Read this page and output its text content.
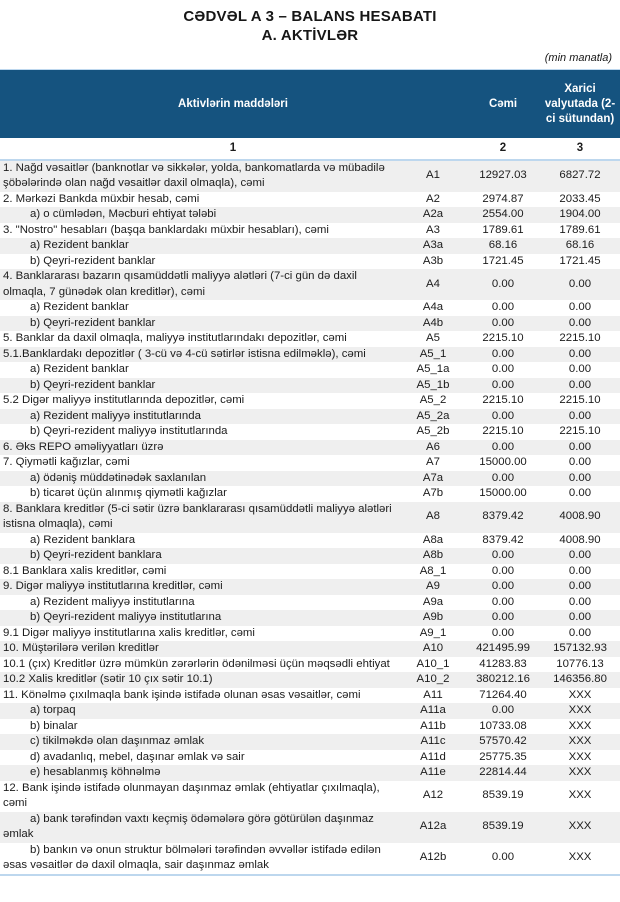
CƏDVƏL A 3 – BALANS HESABATI
A. AKTİVLƏR
(min manatla)
Aktivlərin maddələri		Cəmi	Xarici valyutada (2-ci sütundan)
1		2	3
1. Nağd vəsaitlər (banknotlar və sikkələr, yolda, bankomatlarda və mübadilə şöbələrində olan nağd vəsaitlər daxil olmaqla), cəmi	A1	12927.03	6827.72
2. Mərkəzi Bankda müxbir hesab, cəmi	A2	2974.87	2033.45
a) o cümlədən, Məcburi ehtiyat tələbi	A2a	2554.00	1904.00
3. "Nostro" hesabları (başqa banklardakı müxbir hesabları), cəmi	A3	1789.61	1789.61
a) Rezident banklar	A3a	68.16	68.16
b) Qeyri-rezident banklar	A3b	1721.45	1721.45
4. Banklararası bazarın qısamüddətli maliyyə alətləri (7-ci gün də daxil olmaqla, 7 günədək olan kreditlər), cəmi	A4	0.00	0.00
a) Rezident banklar	A4a	0.00	0.00
b) Qeyri-rezident banklar	A4b	0.00	0.00
5. Banklar da daxil olmaqla, maliyyə institutlarındakı depozitlər, cəmi	A5	2215.10	2215.10
5.1.Banklardakı depozitlər ( 3-cü və 4-cü sətirlər istisna edilməklə), cəmi	A5_1	0.00	0.00
a) Rezident banklar	A5_1a	0.00	0.00
b) Qeyri-rezident banklar	A5_1b	0.00	0.00
5.2 Digər maliyyə institutlarında depozitlər, cəmi	A5_2	2215.10	2215.10
a) Rezident maliyyə institutlarında	A5_2a	0.00	0.00
b) Qeyri-rezident maliyyə institutlarında	A5_2b	2215.10	2215.10
6. Əks REPO əməliyyatları üzrə	A6	0.00	0.00
7. Qiymətli kağızlar, cəmi	A7	15000.00	0.00
a) ödəniş müddətinədək saxlanılan	A7a	0.00	0.00
b) ticarət üçün alınmış qiymətli kağızlar	A7b	15000.00	0.00
8. Banklara kreditlər (5-ci sətir üzrə banklararası qısamüddətli maliyyə alətləri istisna olmaqla), cəmi	A8	8379.42	4008.90
a) Rezident banklara	A8a	8379.42	4008.90
b) Qeyri-rezident banklara	A8b	0.00	0.00
8.1 Banklara xalis kreditlər, cəmi	A8_1	0.00	0.00
9. Digər maliyyə institutlarına kreditlər, cəmi	A9	0.00	0.00
a) Rezident maliyyə institutlarına	A9a	0.00	0.00
b) Qeyri-rezident maliyyə institutlarına	A9b	0.00	0.00
9.1 Digər maliyyə institutlarına xalis kreditlər, cəmi	A9_1	0.00	0.00
10. Müştərilərə verilən kreditlər	A10	421495.99	157132.93
10.1 (çıx) Kreditlər üzrə mümkün zərərlərin ödənilməsi üçün məqsədli ehtiyat	A10_1	41283.83	10776.13
10.2 Xalis kreditlər (sətir 10 çıx sətir 10.1)	A10_2	380212.16	146356.80
11. Könəlmə çıxılmaqla bank işində istifadə olunan əsas vəsaitlər, cəmi	A11	71264.40	XXX
a) torpaq	A11a	0.00	XXX
b) binalar	A11b	10733.08	XXX
c) tikilməkdə olan daşınmaz əmlak	A11c	57570.42	XXX
d) avadanlıq, mebel, daşınar əmlak və sair	A11d	25775.35	XXX
e) hesablanmış köhnəlmə	A11e	22814.44	XXX
12. Bank işində istifadə olunmayan daşınmaz əmlak (ehtiyatlar çıxılmaqla), cəmi	A12	8539.19	XXX
a) bank tərəfindən vaxtı keçmiş ödəmələrə görə götürülən daşınmaz əmlak	A12a	8539.19	XXX
b) bankın və onun struktur bölmələri tərəfindən əvvəllər istifadə edilən əsas vəsaitlər də daxil olmaqla, sair daşınmaz əmlak	A12b	0.00	XXX
